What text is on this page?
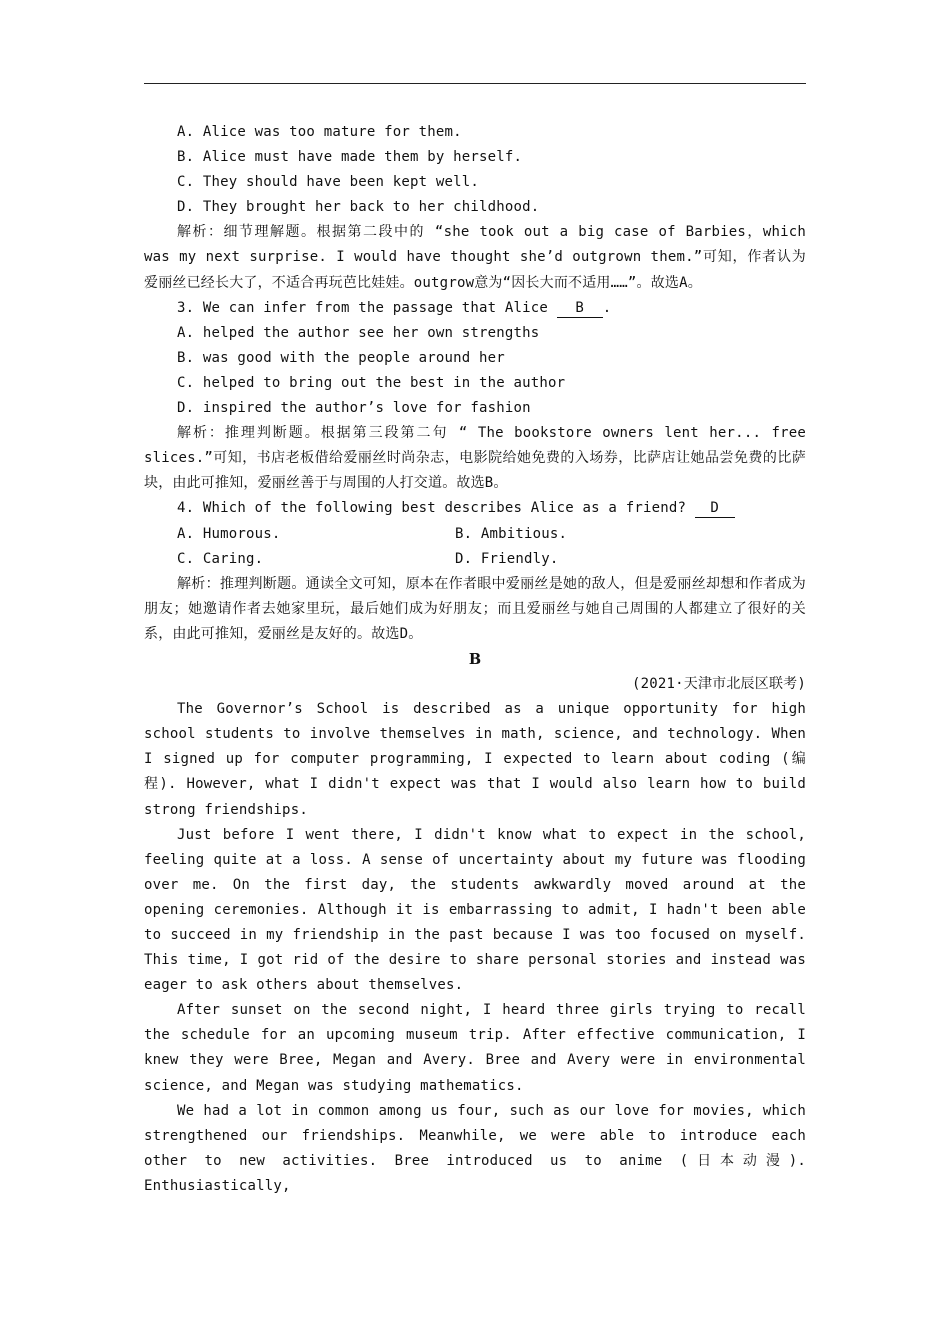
A. Alice was too mature for them.
B. Alice must have made them by herself.
C. They should have been kept well.
D. They brought her back to her childhood.
解析：细节理解题。根据第二段中的 “she took out a big case of Barbies，which was my next surprise. I would have thought she’d outgrown them.”可知，作者认为爱丽丝已经长大了，不适合再玩芭比娃娃。outgrow意为“因长大而不适用……”。故选A。
3. We can infer from the passage that Alice B .
A. helped the author see her own strengths
B. was good with the people around her
C. helped to bring out the best in the author
D. inspired the author’s love for fashion
解析：推理判断题。根据第三段第二句 “ The bookstore owners lent her... free slices.”可知，书店老板借给爱丽丝时尚杂志，电影院给她免费的入场券，比萨店让她品尝免费的比萨块，由此可推知，爱丽丝善于与周围的人打交道。故选B。
4. Which of the following best describes Alice as a friend? D
A. Humorous.	B. Ambitious.
C. Caring.	D. Friendly.
解析：推理判断题。通读全文可知，原本在作者眼中爱丽丝是她的敌人，但是爱丽丝却想和作者成为朋友；她邀请作者去她家里玩，最后她们成为好朋友；而且爱丽丝与她自己周围的人都建立了很好的关系，由此可推知，爱丽丝是友好的。故选D。
B
(2021·天津市北辰区联考)
The Governor’s School is described as a unique opportunity for high school students to involve themselves in math, science, and technology. When I signed up for computer programming, I expected to learn about coding (编程). However, what I didn't expect was that I would also learn how to build strong friendships.
Just before I went there, I didn't know what to expect in the school, feeling quite at a loss. A sense of uncertainty about my future was flooding over me. On the first day, the students awkwardly moved around at the opening ceremonies. Although it is embarrassing to admit, I hadn't been able to succeed in my friendship in the past because I was too focused on myself. This time, I got rid of the desire to share personal stories and instead was eager to ask others about themselves.
After sunset on the second night, I heard three girls trying to recall the schedule for an upcoming museum trip. After effective communication, I knew they were Bree, Megan and Avery. Bree and Avery were in environmental science, and Megan was studying mathematics.
We had a lot in common among us four, such as our love for movies, which strengthened our friendships. Meanwhile, we were able to introduce each other to new activities. Bree introduced us to anime (日本动漫). Enthusiastically,
